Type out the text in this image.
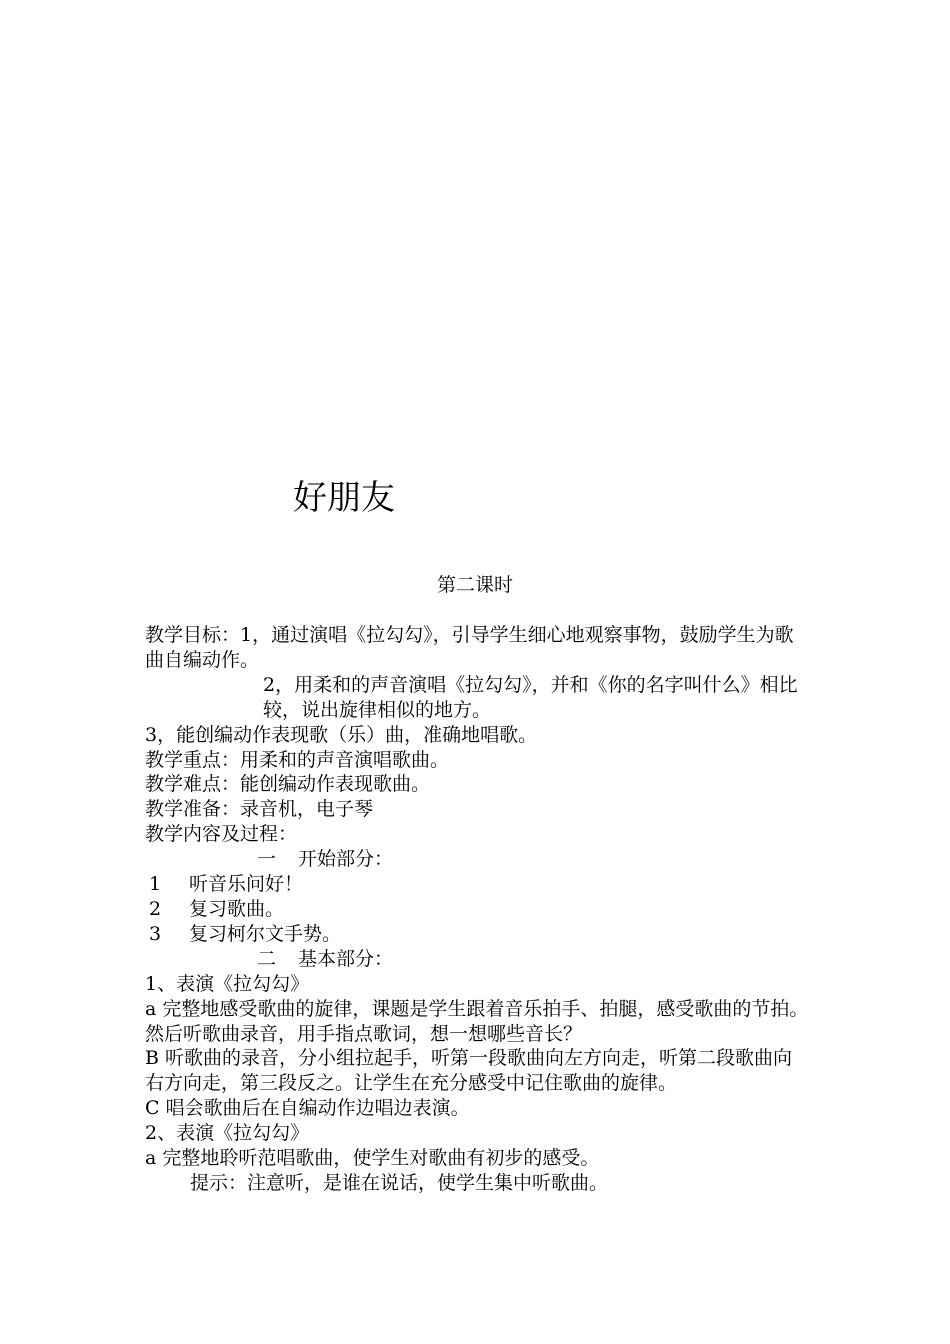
好朋友
第二课时

教学目标：1，通过演唱《拉勾勾》，引导学生细心地观察事物，鼓励学生为歌曲自编动作。

2，用柔和的声音演唱《拉勾勾》，并和《你的名字叫什么》相比较，说出旋律相似的地方。

3，能创编动作表现歌（乐）曲，准确地唱歌。

教学重点：用柔和的声音演唱歌曲。

教学难点：能创编动作表现歌曲。

教学准备：录音机，电子琴

教学内容及过程：

一 开始部分：

1 听音乐问好！

2 复习歌曲。

3 复习柯尔文手势。

二 基本部分：

1、表演《拉勾勾》

a 完整地感受歌曲的旋律，课题是学生跟着音乐拍手、拍腿，感受歌曲的节拍。然后听歌曲录音，用手指点歌词，想一想哪些音长？

B 听歌曲的录音，分小组拉起手，听第一段歌曲向左方向走，听第二段歌曲向右方向走，第三段反之。让学生在充分感受中记住歌曲的旋律。

C 唱会歌曲后在自编动作边唱边表演。

2、表演《拉勾勾》

a 完整地聆听范唱歌曲，使学生对歌曲有初步的感受。

提示：注意听，是谁在说话，使学生集中听歌曲。
